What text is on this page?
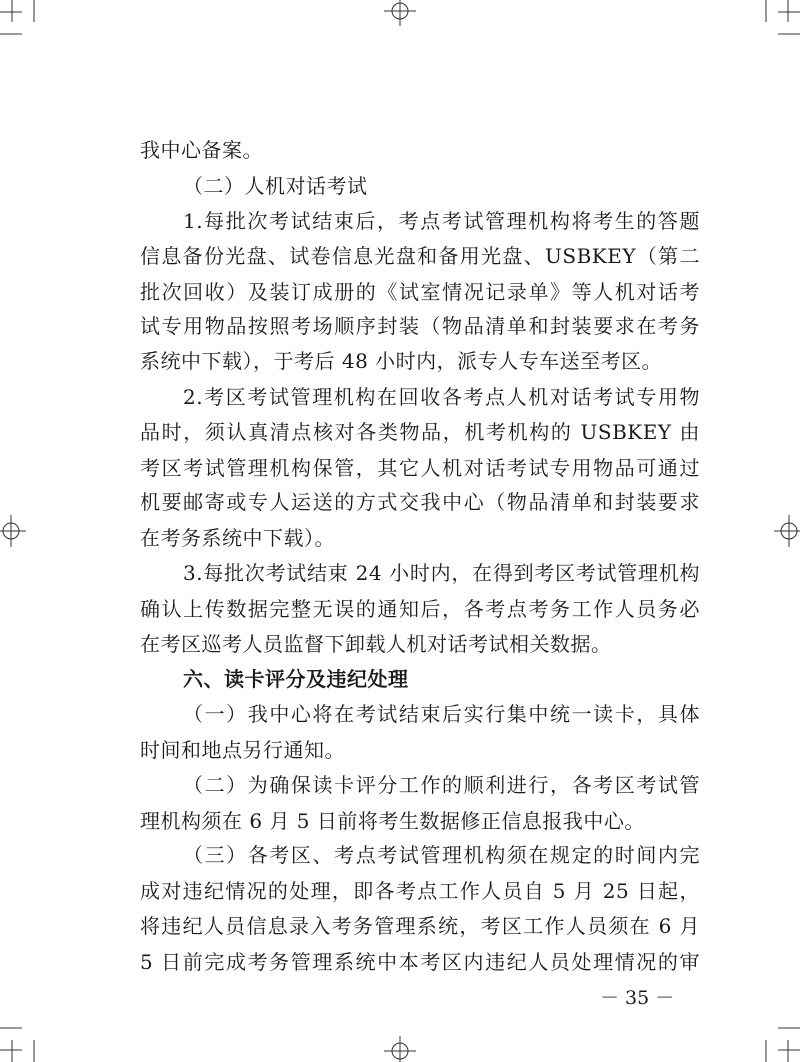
我中心备案。
（二）人机对话考试
1.每批次考试结束后，考点考试管理机构将考生的答题
信息备份光盘、试卷信息光盘和备用光盘、USBKEY（第二
批次回收）及装订成册的《试室情况记录单》等人机对话考
试专用物品按照考场顺序封装（物品清单和封装要求在考务
系统中下载），于考后 48 小时内，派专人专车送至考区。
2.考区考试管理机构在回收各考点人机对话考试专用物
品时，须认真清点核对各类物品，机考机构的 USBKEY 由
考区考试管理机构保管，其它人机对话考试专用物品可通过
机要邮寄或专人运送的方式交我中心（物品清单和封装要求
在考务系统中下载）。
3.每批次考试结束 24 小时内，在得到考区考试管理机构
确认上传数据完整无误的通知后，各考点考务工作人员务必
在考区巡考人员监督下卸载人机对话考试相关数据。
六、读卡评分及违纪处理
（一）我中心将在考试结束后实行集中统一读卡，具体
时间和地点另行通知。
（二）为确保读卡评分工作的顺利进行，各考区考试管
理机构须在 6 月 5 日前将考生数据修正信息报我中心。
（三）各考区、考点考试管理机构须在规定的时间内完
成对违纪情况的处理，即各考点工作人员自 5 月 25 日起，
将违纪人员信息录入考务管理系统，考区工作人员须在 6 月
5 日前完成考务管理系统中本考区内违纪人员处理情况的审
－ 35 －
